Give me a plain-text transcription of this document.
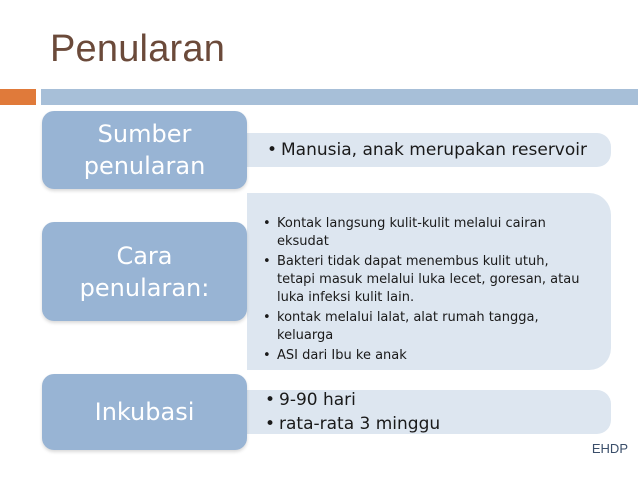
Penularan
• Manusia, anak merupakan reservoir
Sumber
penularan
• Kontak langsung kulit-kulit melalui cairan eksudat
• Bakteri tidak dapat menembus kulit utuh, tetapi masuk melalui luka lecet, goresan, atau luka infeksi kulit lain.
• kontak melalui lalat, alat rumah tangga, keluarga
• ASI dari Ibu ke anak
Cara
penularan:
• 9-90 hari
• rata-rata 3 minggu
Inkubasi
EHDP
